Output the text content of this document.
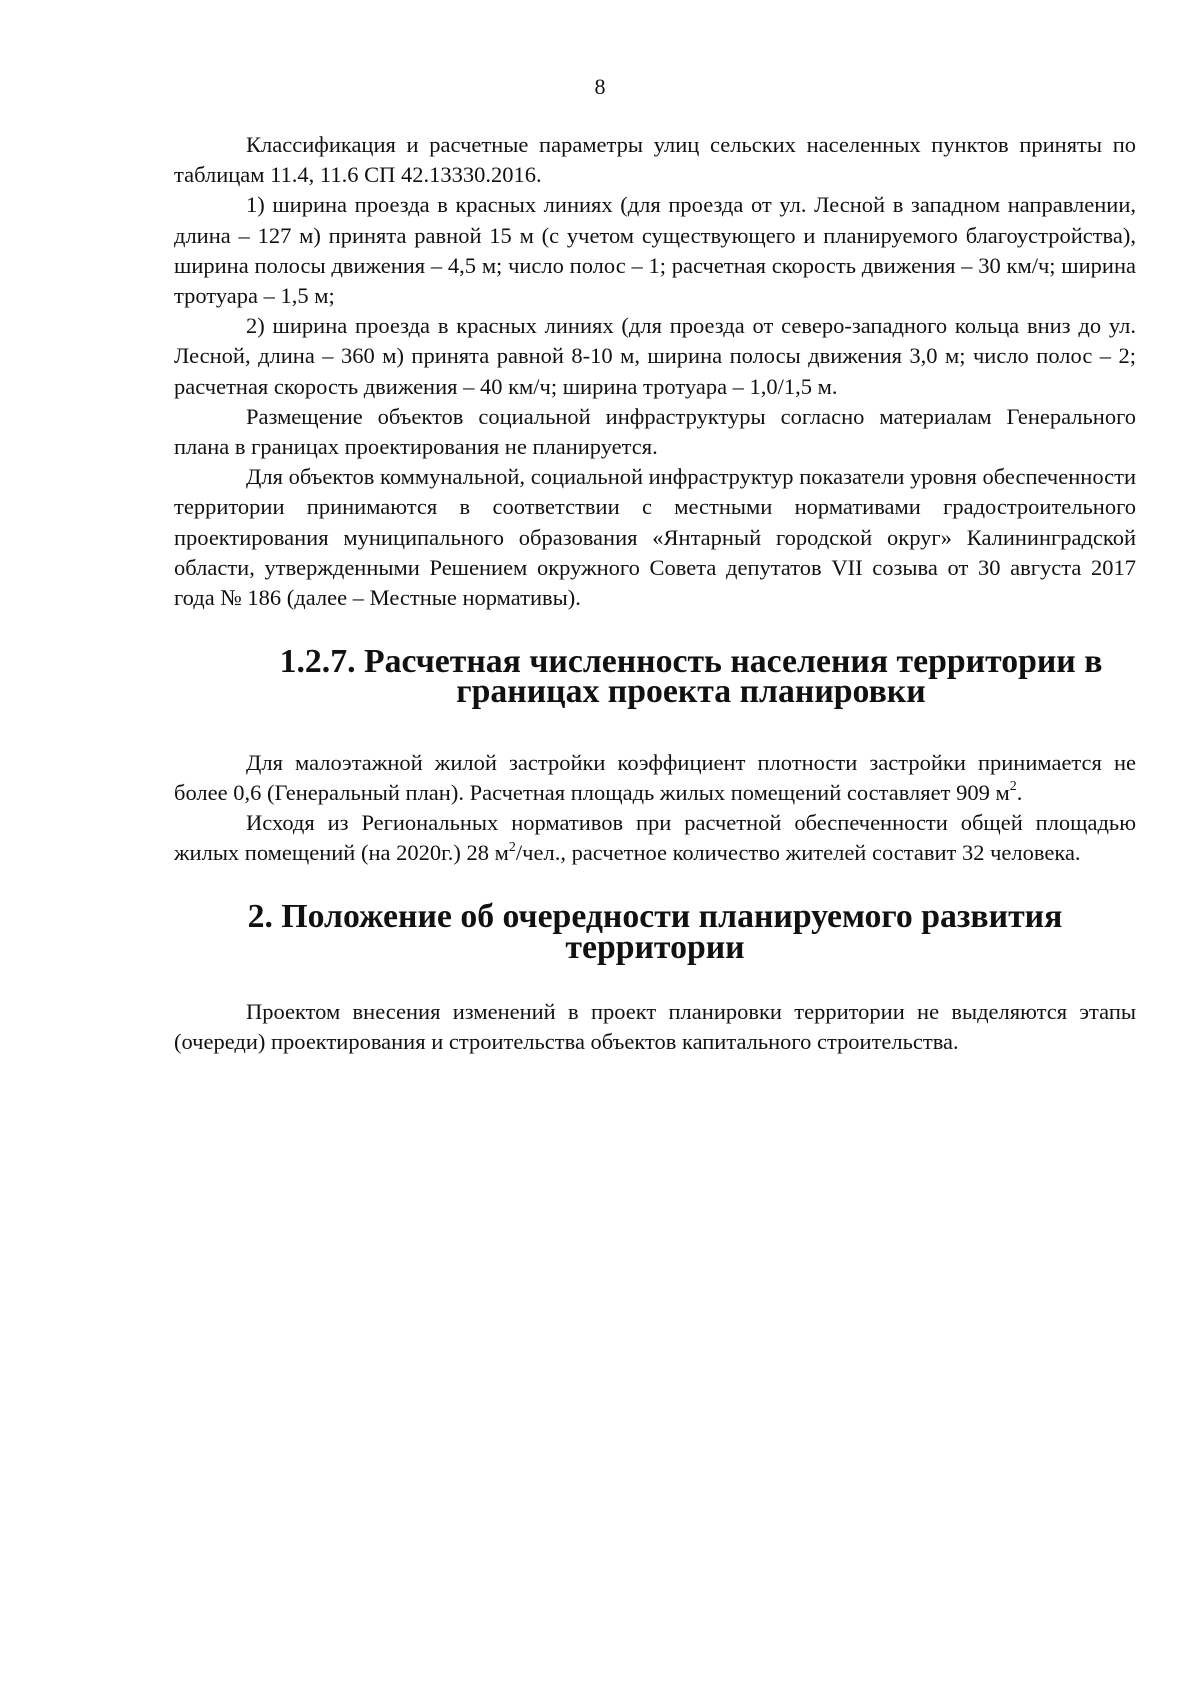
8

Классификация и расчетные параметры улиц сельских населенных пунктов приняты по таблицам 11.4, 11.6 СП 42.13330.2016.

1) ширина проезда в красных линиях (для проезда от ул. Лесной в западном направлении, длина – 127 м) принята равной 15 м (с учетом существующего и планируемого благоустройства), ширина полосы движения – 4,5 м; число полос – 1; расчетная скорость движения – 30 км/ч; ширина тротуара – 1,5 м;

2) ширина проезда в красных линиях (для проезда от северо-западного кольца вниз до ул. Лесной, длина – 360 м) принята равной 8-10 м, ширина полосы движения 3,0 м; число полос – 2; расчетная скорость движения – 40 км/ч; ширина тротуара – 1,0/1,5 м.

Размещение объектов социальной инфраструктуры согласно материалам Генерального плана в границах проектирования не планируется.

Для объектов коммунальной, социальной инфраструктур показатели уровня обеспеченности территории принимаются в соответствии с местными нормативами градостроительного проектирования муниципального образования «Янтарный городской округ» Калининградской области, утвержденными Решением окружного Совета депутатов VII созыва от 30 августа 2017 года № 186 (далее – Местные нормативы).

1.2.7. Расчетная численность населения территории в границах проекта планировки

Для малоэтажной жилой застройки коэффициент плотности застройки принимается не более 0,6 (Генеральный план). Расчетная площадь жилых помещений составляет 909 $м^2$.

Исходя из Региональных нормативов при расчетной обеспеченности общей площадью жилых помещений (на 2020г.) 28 $м^2$/чел., расчетное количество жителей составит 32 человека.

2. Положение об очередности планируемого развития территории

Проектом внесения изменений в проект планировки территории не выделяются этапы (очереди) проектирования и строительства объектов капитального строительства.
